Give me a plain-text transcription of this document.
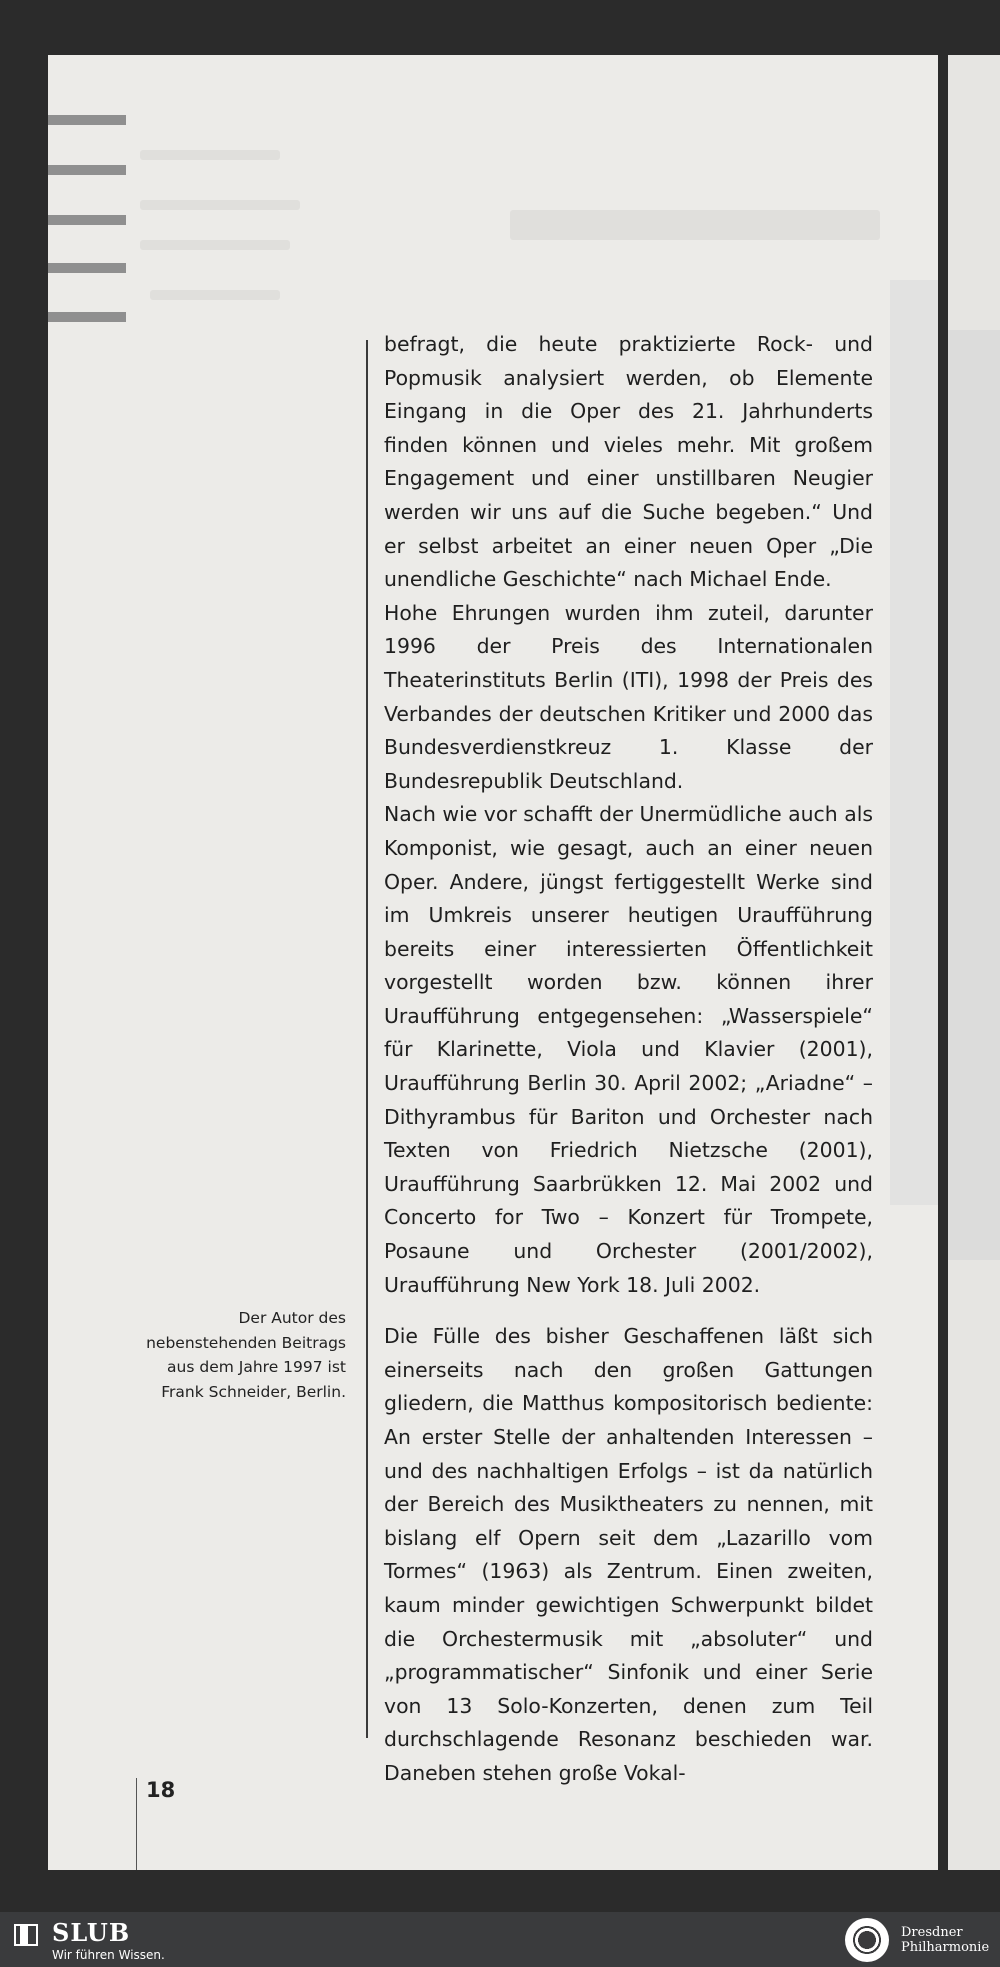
befragt, die heute praktizierte Rock- und Popmusik analysiert werden, ob Elemente Eingang in die Oper des 21. Jahrhunderts finden können und vieles mehr. Mit großem Engagement und einer unstillbaren Neugier werden wir uns auf die Suche begeben.“ Und er selbst arbeitet an einer neuen Oper „Die unendliche Geschichte“ nach Michael Ende.

Hohe Ehrungen wurden ihm zuteil, darunter 1996 der Preis des Internationalen Theaterinstituts Berlin (ITI), 1998 der Preis des Verbandes der deutschen Kritiker und 2000 das Bundesverdienstkreuz 1. Klasse der Bundesrepublik Deutschland.

Nach wie vor schafft der Unermüdliche auch als Komponist, wie gesagt, auch an einer neuen Oper. Andere, jüngst fertiggestellt Werke sind im Umkreis unserer heutigen Uraufführung bereits einer interessierten Öffentlichkeit vorgestellt worden bzw. können ihrer Uraufführung entgegensehen: „Wasserspiele“ für Klarinette, Viola und Klavier (2001), Uraufführung Berlin 30. April 2002; „Ariadne“ – Dithyrambus für Bariton und Orchester nach Texten von Friedrich Nietzsche (2001), Uraufführung Saarbrükken 12. Mai 2002 und Concerto for Two – Konzert für Trompete, Posaune und Orchester (2001/2002), Uraufführung New York 18. Juli 2002.

Die Fülle des bisher Geschaffenen läßt sich einerseits nach den großen Gattungen gliedern, die Matthus kompositorisch bediente: An erster Stelle der anhaltenden Interessen – und des nachhaltigen Erfolgs – ist da natürlich der Bereich des Musiktheaters zu nennen, mit bislang elf Opern seit dem „Lazarillo vom Tormes“ (1963) als Zentrum. Einen zweiten, kaum minder gewichtigen Schwerpunkt bildet die Orchestermusik mit „absoluter“ und „programmatischer“ Sinfonik und einer Serie von 13 Solo-Konzerten, denen zum Teil durchschlagende Resonanz beschieden war. Daneben stehen große Vokal-

Der Autor des nebenstehenden Beitrags aus dem Jahre 1997 ist Frank Schneider, Berlin.
18
SLUB
Wir führen Wissen.
Dresdner
Philharmonie
